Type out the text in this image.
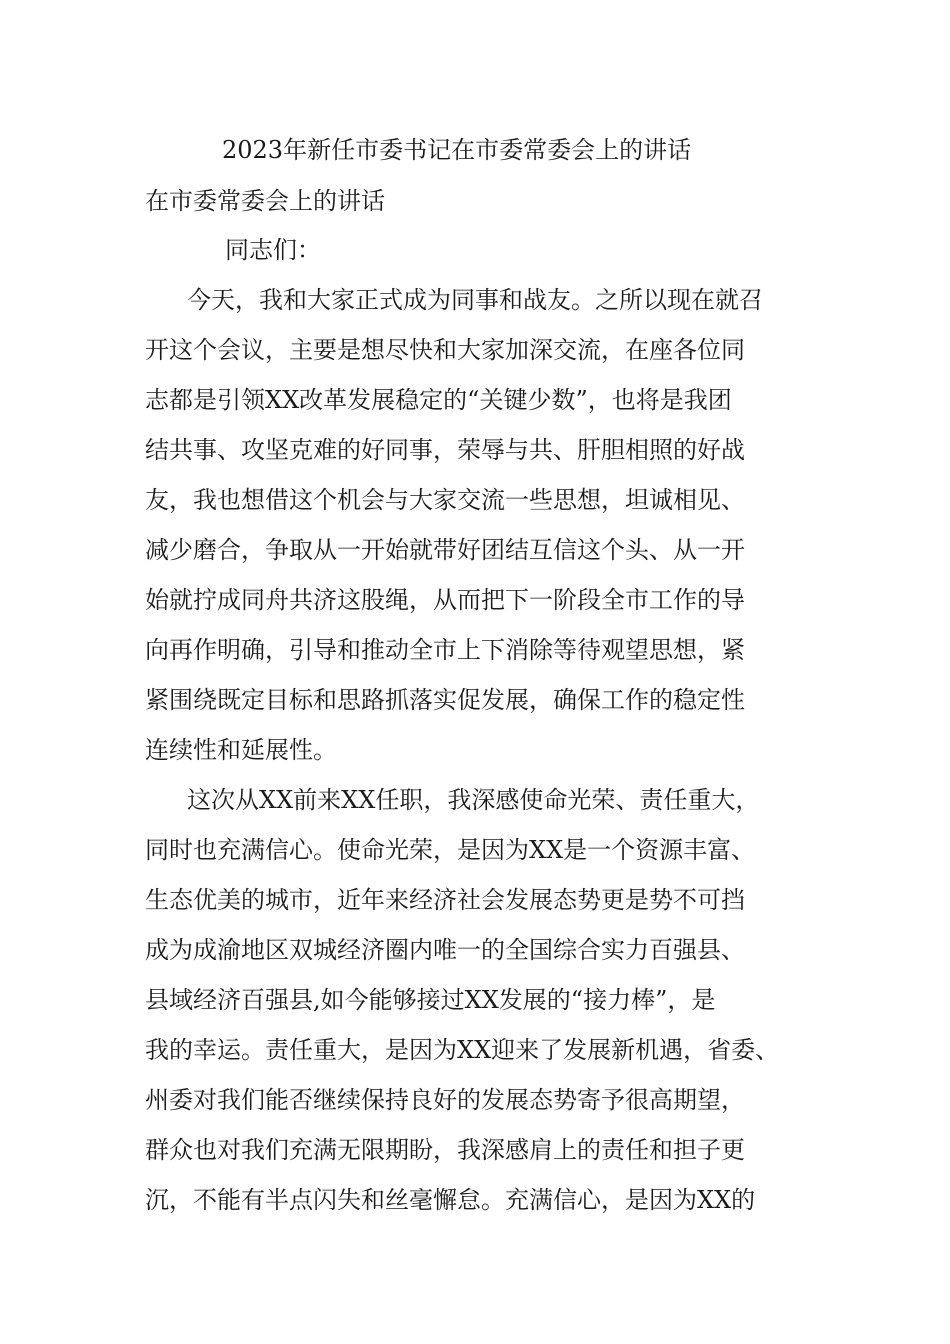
2023年新任市委书记在市委常委会上的讲话
在市委常委会上的讲话

同志们：

今天，我和大家正式成为同事和战友。之所以现在就召
开这个会议，主要是想尽快和大家加深交流，在座各位同
志都是引领XX改革发展稳定的“关键少数”，也将是我团
结共事、攻坚克难的好同事，荣辱与共、肝胆相照的好战
友，我也想借这个机会与大家交流一些思想，坦诚相见、
减少磨合，争取从一开始就带好团结互信这个头、从一开
始就拧成同舟共济这股绳，从而把下一阶段全市工作的导
向再作明确，引导和推动全市上下消除等待观望思想，紧
紧围绕既定目标和思路抓落实促发展，确保工作的稳定性
连续性和延展性。

这次从XX前来XX任职，我深感使命光荣、责任重大，
同时也充满信心。使命光荣，是因为XX是一个资源丰富、
生态优美的城市，近年来经济社会发展态势更是势不可挡
成为成渝地区双城经济圈内唯一的全国综合实力百强县、
县域经济百强县,如今能够接过XX发展的“接力棒”，是
我的幸运。责任重大，是因为XX迎来了发展新机遇，省委、
州委对我们能否继续保持良好的发展态势寄予很高期望，
群众也对我们充满无限期盼，我深感肩上的责任和担子更
沉，不能有半点闪失和丝毫懈怠。充满信心，是因为XX的
